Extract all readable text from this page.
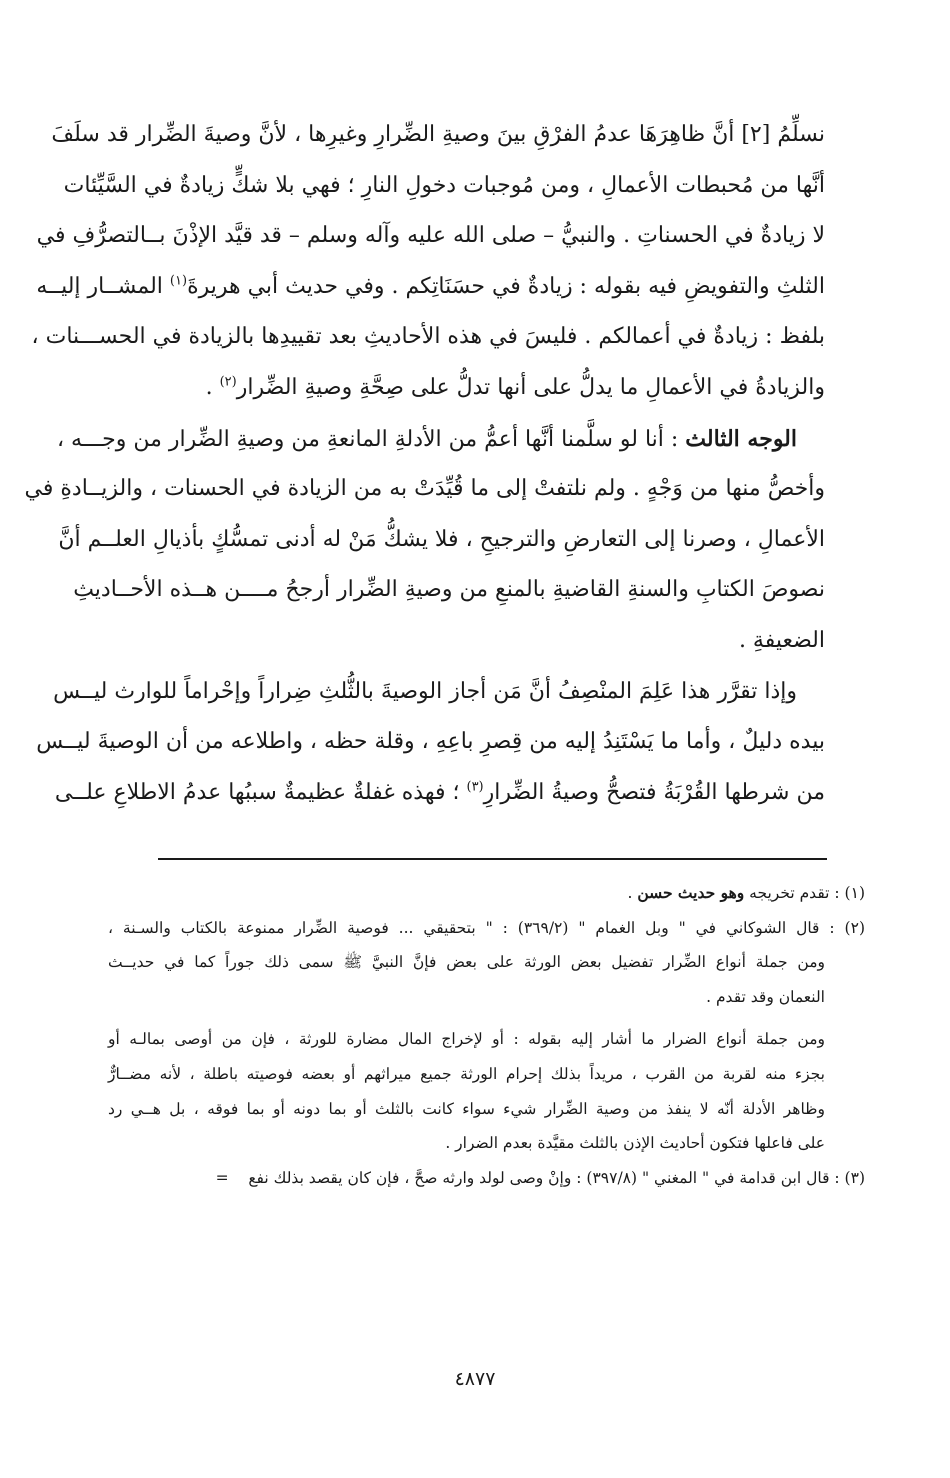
نسلِّمُ [٢] أنَّ ظاهِرَهَا عدمُ الفرْقِ بينَ وصيةِ الضِّرارِ وغيرِها ، لأنَّ وصيةَ الضِّرار قد سلَفَ
أنَّها من مُحبطات الأعمالِ ، ومن مُوجبات دخولِ النارِ ؛ فهي بلا شكٍّ زيادةٌ في السَّيِّئات
لا زيادةٌ في الحسناتِ . والنبيُّ – صلى الله عليه وآله وسلم – قد قيَّد الإذْنَ بــالتصرُّفِ في
الثلثِ والتفويضِ فيه بقوله : زيادةٌ في حسَنَاتِكم . وفي حديث أبي هريرةَ$^{(١)}$ المشــار إليــه
بلفظ : زيادةٌ في أعمالكم . فليسَ في هذه الأحاديثِ بعد تقييدِها بالزيادة في الحســـنات ،
والزيادةُ في الأعمالِ ما يدلُّ على أنها تدلُّ على صِحَّةِ وصيةِ الضِّرار$^{(٢)}$ .
الوجه الثالث : أنا لو سلَّمنا أنَّها أعمُّ من الأدلةِ المانعةِ من وصيةِ الضِّرار من وجـــه ،
وأخصُّ منها من وَجْهٍ . ولم نلتفتْ إلى ما قُيِّدَتْ به من الزيادة في الحسنات ، والزيــادةِ في
الأعمالِ ، وصرنا إلى التعارضِ والترجيحِ ، فلا يشكُّ مَنْ له أدنى تمسُّكٍ بأذيالِ العلــم أنَّ
نصوصَ الكتابِ والسنةِ القاضيةِ بالمنعِ من وصيةِ الضِّرار أرجحُ مــــن هــذه الأحــاديثِ
الضعيفةِ .
وإذا تقرَّر هذا عَلِمَ المنْصِفُ أنَّ مَن أجاز الوصيةَ بالثُّلثِ ضِراراً وإحْراماً للوارث ليــس
بيده دليلٌ ، وأما ما يَسْتَنِدُ إليه من قِصرِ باعِهِ ، وقلة حظه ، واطلاعه من أن الوصيةَ ليــس
من شرطها القُرْبَةُ فتصحُّ وصيةُ الضِّرارِ$^{(٣)}$ ؛ فهذه غفلةٌ عظيمةٌ سببُها عدمُ الاطلاعِ علــى
(١) : تقدم تخريجه وهو حديث حسن .
(٢) : قال الشوكاني في " وبل الغمام " (٣٦٩/٢) : " بتحقيقي ... فوصية الضِّرار ممنوعة بالكتاب والسـنة ،
ومن جملة أنواع الضِّرار تفضيل بعض الورثة على بعض فإنَّ النبيَّ ﷺ سمى ذلك جوراً كما في حديــث
النعمان وقد تقدم .
ومن جملة أنواع الضرار ما أشار إليه بقوله : أو لإخراج المال مضارة للورثة ، فإن من أوصى بمالـه أو
بجزء منه لقربة من القرب ، مريداً بذلك إحرام الورثة جميع ميراثهم أو بعضه فوصيته باطلة ، لأنه مضــارٌّ
وظاهر الأدلة أنّه لا ينفذ من وصية الضِّرار شيء سواء كانت بالثلث أو بما دونه أو بما فوقه ، بل هــي رد
على فاعلها فتكون أحاديث الإذن بالثلث مقيَّدة بعدم الضرار .
(٣) : قال ابن قدامة في " المغني " (٣٩٧/٨) : وإنْ وصى لولد وارثه صحَّ ، فإن كان يقصد بذلك نفع    =
٤٨٧٧
